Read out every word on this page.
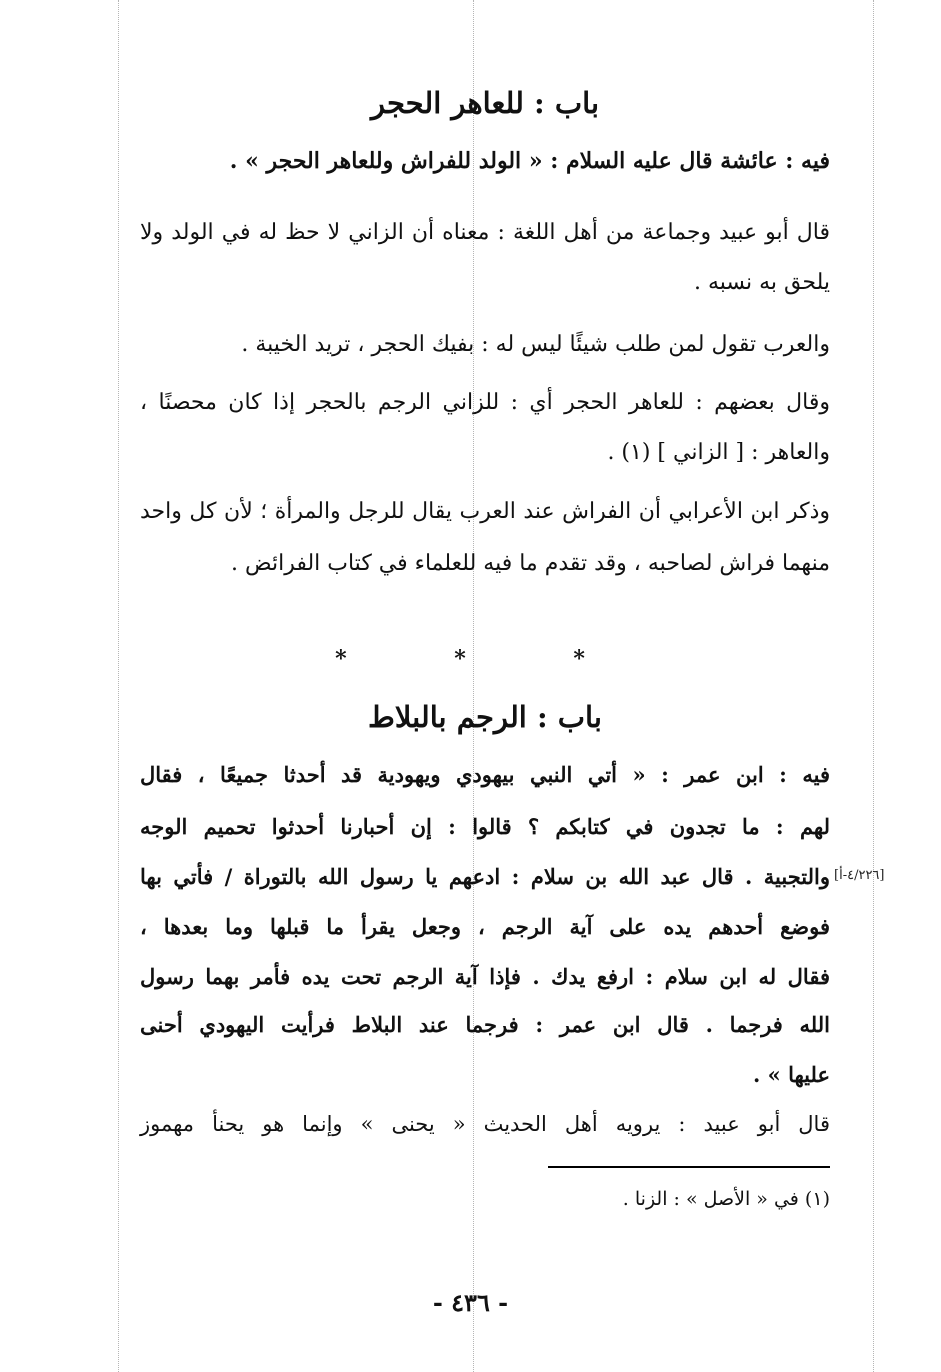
باب : للعاهر الحجر
فيه : عائشة قال عليه السلام : « الولد للفراش وللعاهر الحجر » .
قال أبو عبيد وجماعة من أهل اللغة : معناه أن الزاني لا حظ له في الولد ولا يلحق به نسبه .
والعرب تقول لمن طلب شيئًا ليس له : بفيك الحجر ، تريد الخيبة .
وقال بعضهم : للعاهر الحجر أي : للزاني الرجم بالحجر إذا كان محصنًا ، والعاهر : [ الزاني ] (١) .
وذكر ابن الأعرابي أن الفراش عند العرب يقال للرجل والمرأة ؛ لأن كل واحد منهما فراش لصاحبه ، وقد تقدم ما فيه للعلماء في كتاب الفرائض .
* * *
باب : الرجم بالبلاط
فيه : ابن عمر : « أتي النبي بيهودي ويهودية قد أحدثا جميعًا ، فقال
لهم : ما تجدون في كتابكم ؟ قالوا : إن أحبارنا أحدثوا تحميم الوجه
والتجبية . قال عبد الله بن سلام : ادعهم يا رسول الله بالتوراة / فأتي بها
فوضع أحدهم يده على آية الرجم ، وجعل يقرأ ما قبلها وما بعدها ،
فقال له ابن سلام : ارفع يدك . فإذا آية الرجم تحت يده فأمر بهما رسول
الله فرجما . قال ابن عمر : فرجما عند البلاط فرأيت اليهودي أحنى
عليها » .
قال أبو عبيد : يرويه أهل الحديث « يحنى » وإنما هو يحنأ مهموز
[٤/٢٢٦-أ]
(١) في « الأصل » : الزنا .
- ٤٣٦ -
